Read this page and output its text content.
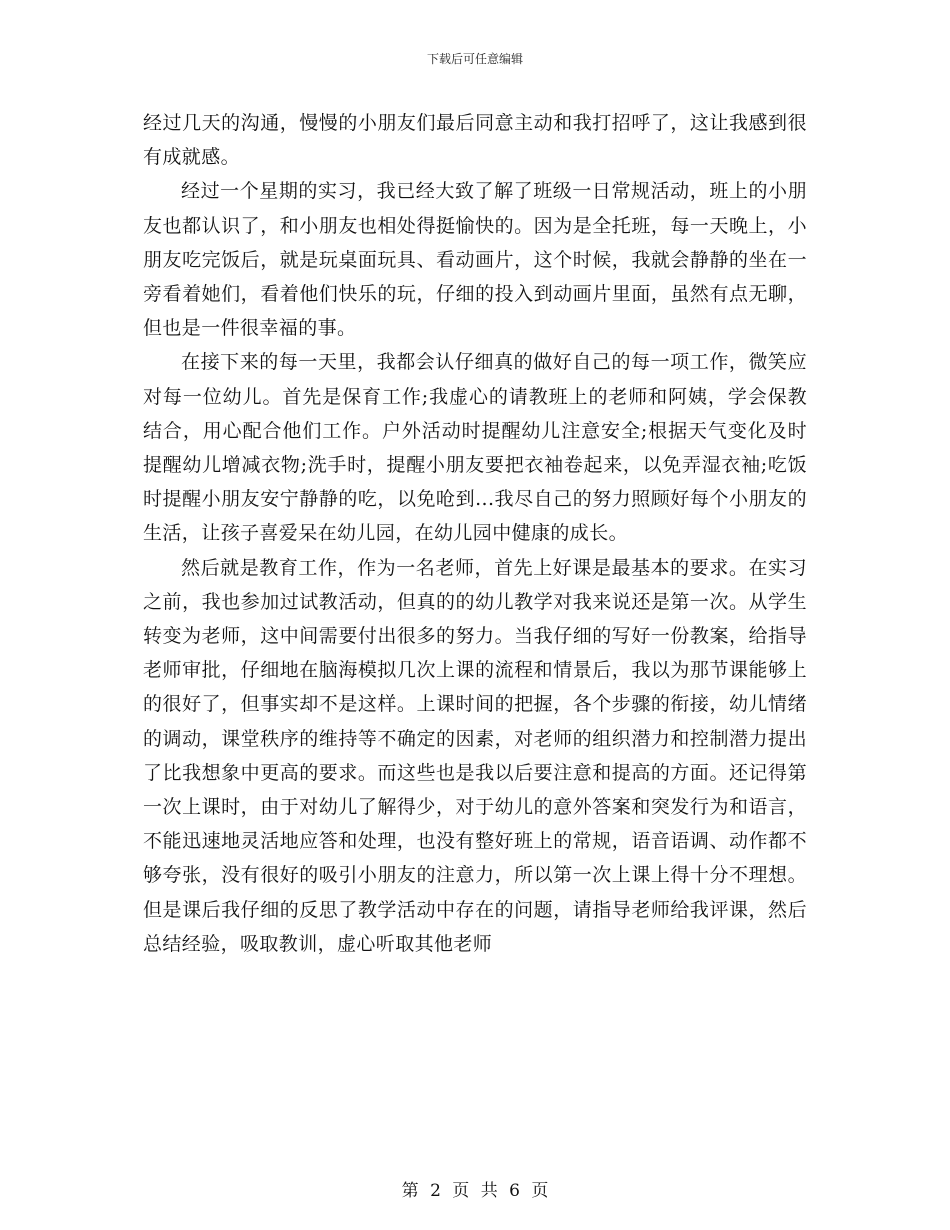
下载后可任意编辑

经过几天的沟通，慢慢的小朋友们最后同意主动和我打招呼了，这让我感到很有成就感。

经过一个星期的实习，我已经大致了解了班级一日常规活动，班上的小朋友也都认识了，和小朋友也相处得挺愉快的。因为是全托班，每一天晚上，小朋友吃完饭后，就是玩桌面玩具、看动画片，这个时候，我就会静静的坐在一旁看着她们，看着他们快乐的玩，仔细的投入到动画片里面，虽然有点无聊，但也是一件很幸福的事。

在接下来的每一天里，我都会认仔细真的做好自己的每一项工作，微笑应对每一位幼儿。首先是保育工作;我虚心的请教班上的老师和阿姨，学会保教结合，用心配合他们工作。户外活动时提醒幼儿注意安全;根据天气变化及时提醒幼儿增减衣物;洗手时，提醒小朋友要把衣袖卷起来，以免弄湿衣袖;吃饭时提醒小朋友安宁静静的吃，以免呛到...我尽自己的努力照顾好每个小朋友的生活，让孩子喜爱呆在幼儿园，在幼儿园中健康的成长。

然后就是教育工作，作为一名老师，首先上好课是最基本的要求。在实习之前，我也参加过试教活动，但真的的幼儿教学对我来说还是第一次。从学生转变为老师，这中间需要付出很多的努力。当我仔细的写好一份教案，给指导老师审批，仔细地在脑海模拟几次上课的流程和情景后，我以为那节课能够上的很好了，但事实却不是这样。上课时间的把握，各个步骤的衔接，幼儿情绪的调动，课堂秩序的维持等不确定的因素，对老师的组织潜力和控制潜力提出了比我想象中更高的要求。而这些也是我以后要注意和提高的方面。还记得第一次上课时，由于对幼儿了解得少，对于幼儿的意外答案和突发行为和语言，不能迅速地灵活地应答和处理，也没有整好班上的常规，语音语调、动作都不够夸张，没有很好的吸引小朋友的注意力，所以第一次上课上得十分不理想。但是课后我仔细的反思了教学活动中存在的问题，请指导老师给我评课，然后总结经验，吸取教训，虚心听取其他老师

第 2 页 共 6 页
